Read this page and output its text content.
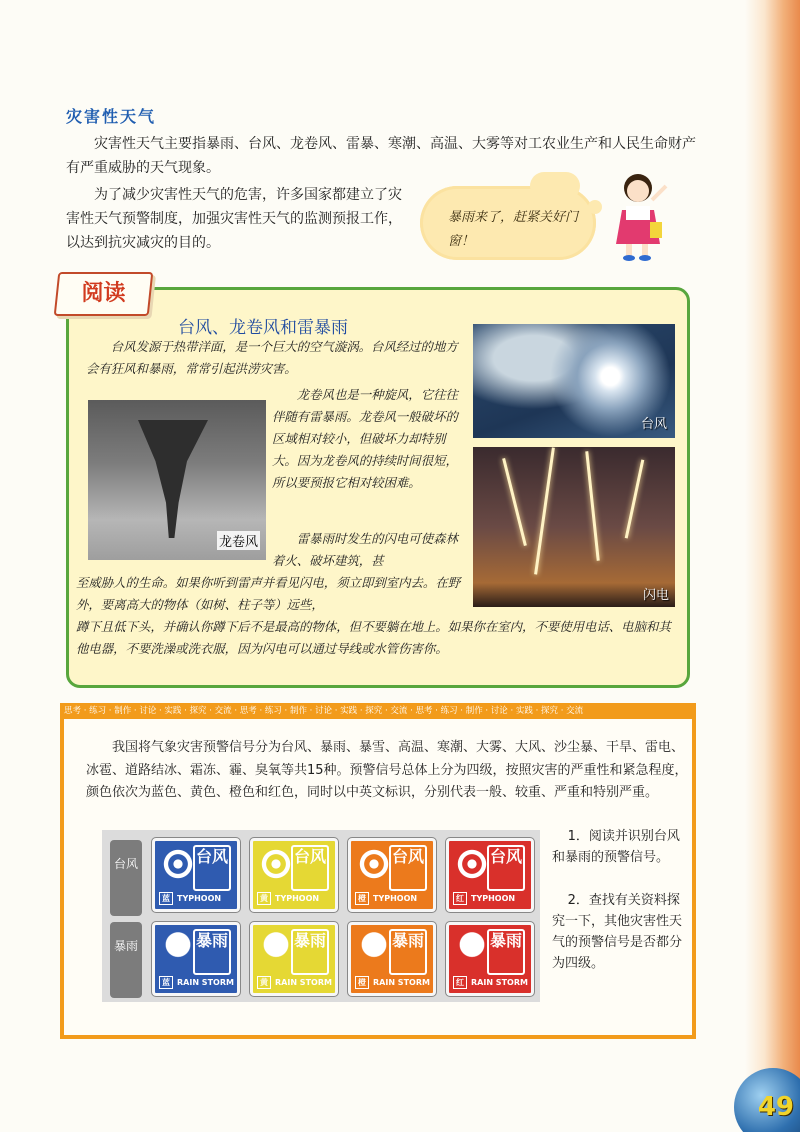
49
灾害性天气

灾害性天气主要指暴雨、台风、龙卷风、雷暴、寒潮、高温、大雾等对工农业生产和人民生命财产有严重威胁的天气现象。

为了减少灾害性天气的危害，许多国家都建立了灾害性天气预警制度，加强灾害性天气的监测预报工作，以达到抗灾减灾的目的。

暴雨来了，赶紧关好门窗！
阅读
台风、龙卷风和雷暴雨

台风发源于热带洋面，是一个巨大的空气漩涡。台风经过的地方会有狂风和暴雨，常常引起洪涝灾害。

龙卷风也是一种旋风，它往往伴随有雷暴雨。龙卷风一般破坏的区域相对较小，但破坏力却特别大。因为龙卷风的持续时间很短，所以要预报它相对较困难。

雷暴雨时发生的闪电可使森林着火、破坏建筑，甚

至威胁人的生命。如果你听到雷声并看见闪电，须立即到室内去。在野外，要离高大的物体（如树、柱子等）远些，

蹲下且低下头，并确认你蹲下后不是最高的物体，但不要躺在地上。如果你在室内，不要使用电话、电脑和其他电器，不要洗澡或洗衣服，因为闪电可以通过导线或水管伤害你。

台风
龙卷风
闪电
思考 · 练习 · 制作 · 讨论 · 实践 · 探究 · 交流 · 思考 · 练习 · 制作 · 讨论 · 实践 · 探究 · 交流 · 思考 · 练习 · 制作 · 讨论 · 实践 · 探究 · 交流

我国将气象灾害预警信号分为台风、暴雨、暴雪、高温、寒潮、大雾、大风、沙尘暴、干旱、雷电、冰雹、道路结冰、霜冻、霾、臭氧等共15种。预警信号总体上分为四级，按照灾害的严重性和紧急程度，颜色依次为蓝色、黄色、橙色和红色，同时以中英文标识，分别代表一般、较重、严重和特别严重。

台风
暴雨
台风
蓝 TYPHOON
台风
黄 TYPHOON
台风
橙 TYPHOON
台风
红 TYPHOON
暴雨
蓝 RAIN STORM
暴雨
黄 RAIN STORM
暴雨
橙 RAIN STORM
暴雨
红 RAIN STORM

1．阅读并识别台风和暴雨的预警信号。

2．查找有关资料探究一下，其他灾害性天气的预警信号是否都分为四级。
